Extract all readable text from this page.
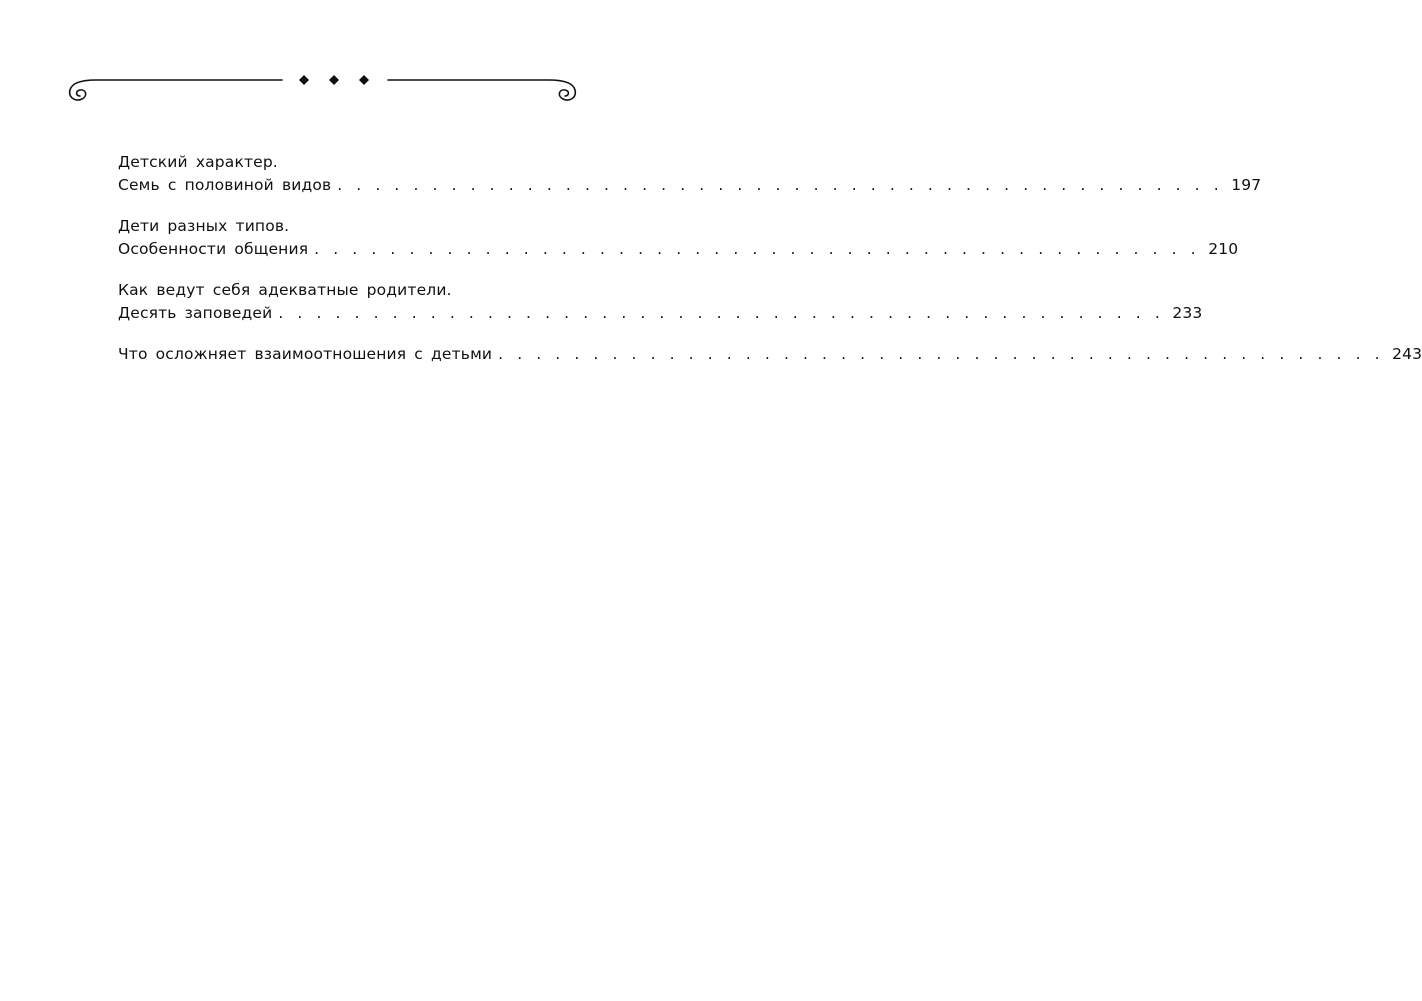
Детский характер.
Семь с половиной видов . . . . . . . . . . . . . . . . . . . . . . . . . . . . . . . . . . . . . . . . . . . . . . . 197
Дети разных типов.
Особенности общения . . . . . . . . . . . . . . . . . . . . . . . . . . . . . . . . . . . . . . . . . . . . . . . 210
Как ведут себя адекватные родители.
Десять заповедей . . . . . . . . . . . . . . . . . . . . . . . . . . . . . . . . . . . . . . . . . . . . . . . 233
Что осложняет взаимоотношения с детьми . . . . . . . . . . . . . . . . . . . . . . . . . . . . . . . . . . . . . . . . . . . . . . . 243
